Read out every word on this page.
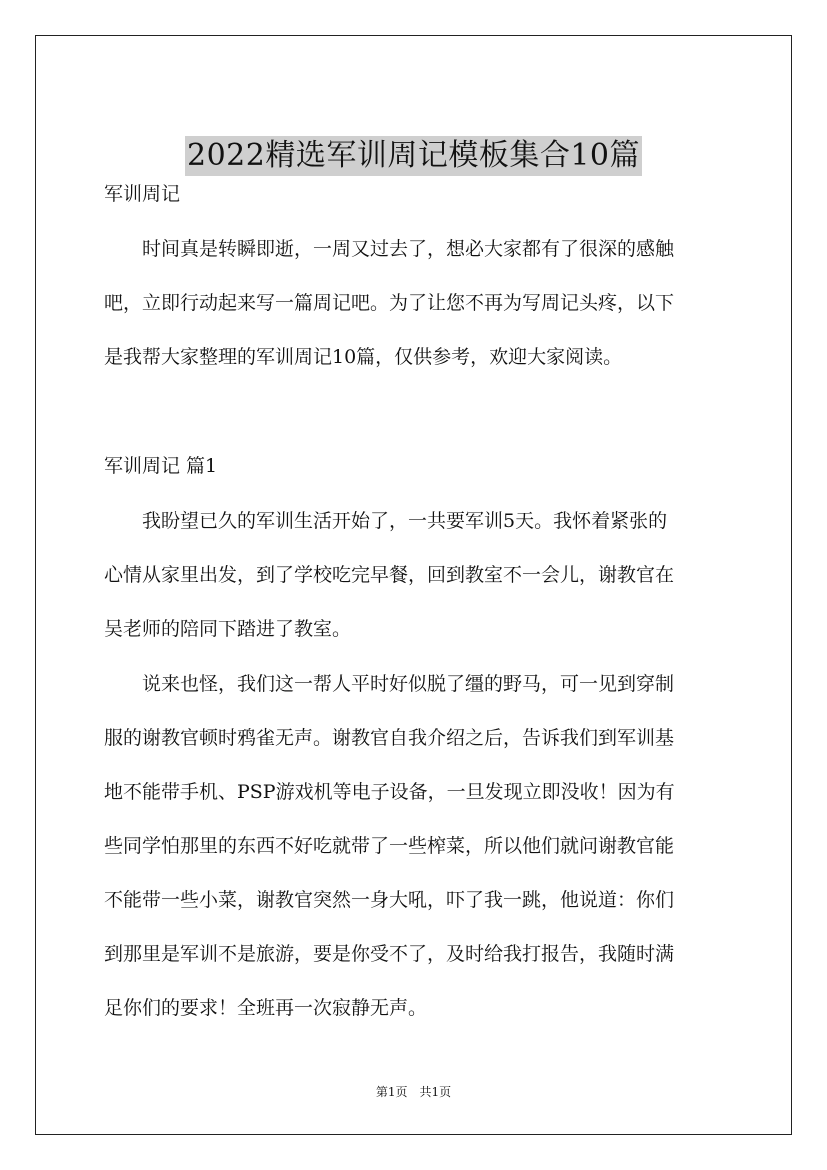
2022精选军训周记模板集合10篇
军训周记
时间真是转瞬即逝，一周又过去了，想必大家都有了很深的感触
吧，立即行动起来写一篇周记吧。为了让您不再为写周记头疼，以下
是我帮大家整理的军训周记10篇，仅供参考，欢迎大家阅读。
军训周记 篇1
我盼望已久的军训生活开始了，一共要军训5天。我怀着紧张的
心情从家里出发，到了学校吃完早餐，回到教室不一会儿，谢教官在
吴老师的陪同下踏进了教室。
说来也怪，我们这一帮人平时好似脱了缰的野马，可一见到穿制
服的谢教官顿时鸦雀无声。谢教官自我介绍之后，告诉我们到军训基
地不能带手机、PSP游戏机等电子设备，一旦发现立即没收！因为有
些同学怕那里的东西不好吃就带了一些榨菜，所以他们就问谢教官能
不能带一些小菜，谢教官突然一身大吼，吓了我一跳，他说道：你们
到那里是军训不是旅游，要是你受不了，及时给我打报告，我随时满
足你们的要求！全班再一次寂静无声。
第1页　共1页
